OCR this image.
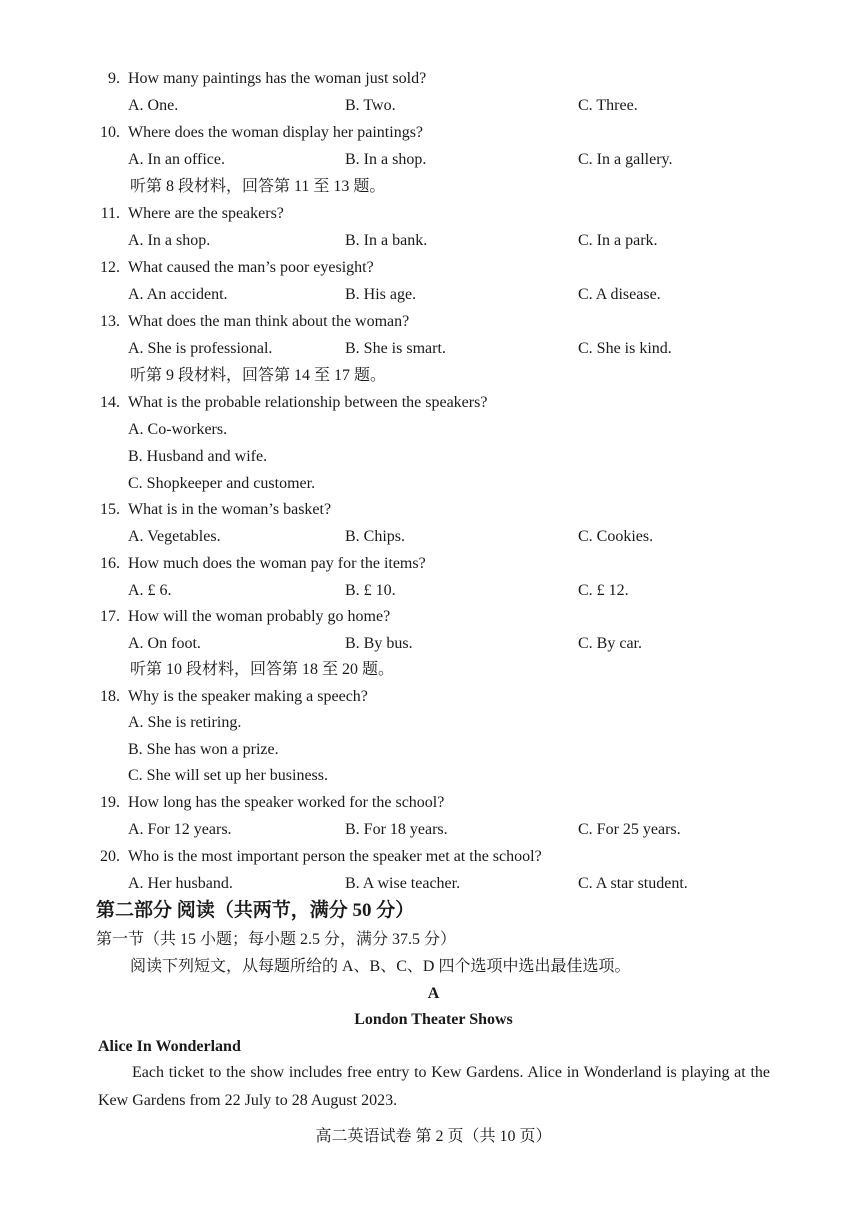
9. How many paintings has the woman just sold?
A. One.	B. Two.	C. Three.
10. Where does the woman display her paintings?
A. In an office.	B. In a shop.	C. In a gallery.
听第 8 段材料，回答第 11 至 13 题。
11. Where are the speakers?
A. In a shop.	B. In a bank.	C. In a park.
12. What caused the man’s poor eyesight?
A. An accident.	B. His age.	C. A disease.
13. What does the man think about the woman?
A. She is professional.	B. She is smart.	C. She is kind.
听第 9 段材料，回答第 14 至 17 题。
14. What is the probable relationship between the speakers?
A. Co-workers.
B. Husband and wife.
C. Shopkeeper and customer.
15. What is in the woman’s basket?
A. Vegetables.	B. Chips.	C. Cookies.
16. How much does the woman pay for the items?
A. £ 6.	B. £ 10.	C. £ 12.
17. How will the woman probably go home?
A. On foot.	B. By bus.	C. By car.
听第 10 段材料，回答第 18 至 20 题。
18. Why is the speaker making a speech?
A. She is retiring.
B. She has won a prize.
C. She will set up her business.
19. How long has the speaker worked for the school?
A. For 12 years.	B. For 18 years.	C. For 25 years.
20. Who is the most important person the speaker met at the school?
A. Her husband.	B. A wise teacher.	C. A star student.
第二部分 阅读（共两节，满分 50 分）
第一节（共 15 小题；每小题 2.5 分，满分 37.5 分）
阅读下列短文，从每题所给的 A、B、C、D 四个选项中选出最佳选项。
A
London Theater Shows
Alice In Wonderland
Each ticket to the show includes free entry to Kew Gardens. Alice in Wonderland is playing at the Kew Gardens from 22 July to 28 August 2023.
高二英语试卷 第 2 页（共 10 页）
